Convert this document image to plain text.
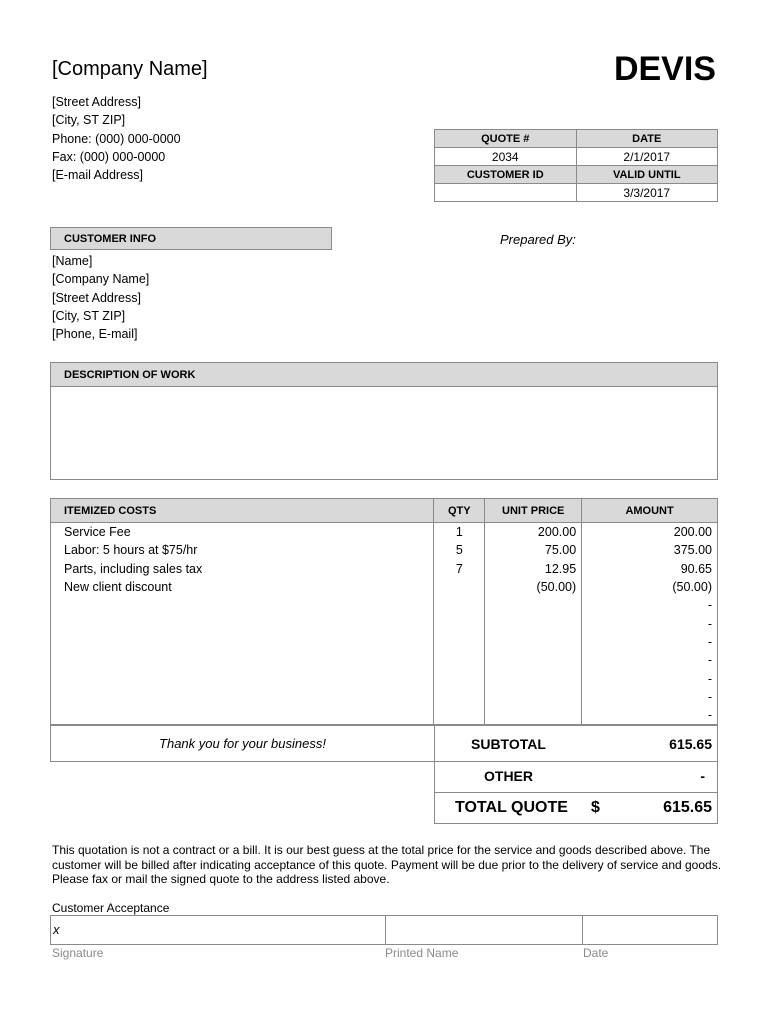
[Company Name]	DEVIS
[Street Address]
[City, ST ZIP]
Phone: (000) 000-0000
Fax: (000) 000-0000
[E-mail Address]
QUOTE #	DATE
2034	2/1/2017
CUSTOMER ID	VALID UNTIL
	3/3/2017
CUSTOMER INFO	Prepared By:
[Name]
[Company Name]
[Street Address]
[City, ST ZIP]
[Phone, E-mail]
DESCRIPTION OF WORK
ITEMIZED COSTS	QTY	UNIT PRICE	AMOUNT
Service Fee	1	200.00	200.00
Labor: 5 hours at $75/hr	5	75.00	375.00
Parts, including sales tax	7	12.95	90.65
New client discount		(50.00)	(50.00)
			-
			-
			-
			-
			-
			-
			-
Thank you for your business!	SUBTOTAL	615.65
OTHER	-
TOTAL QUOTE $	615.65
This quotation is not a contract or a bill. It is our best guess at the total price for the service and goods described above. The customer will be billed after indicating acceptance of this quote. Payment will be due prior to the delivery of service and goods. Please fax or mail the signed quote to the address listed above.
Customer Acceptance
x
Signature	Printed Name	Date
